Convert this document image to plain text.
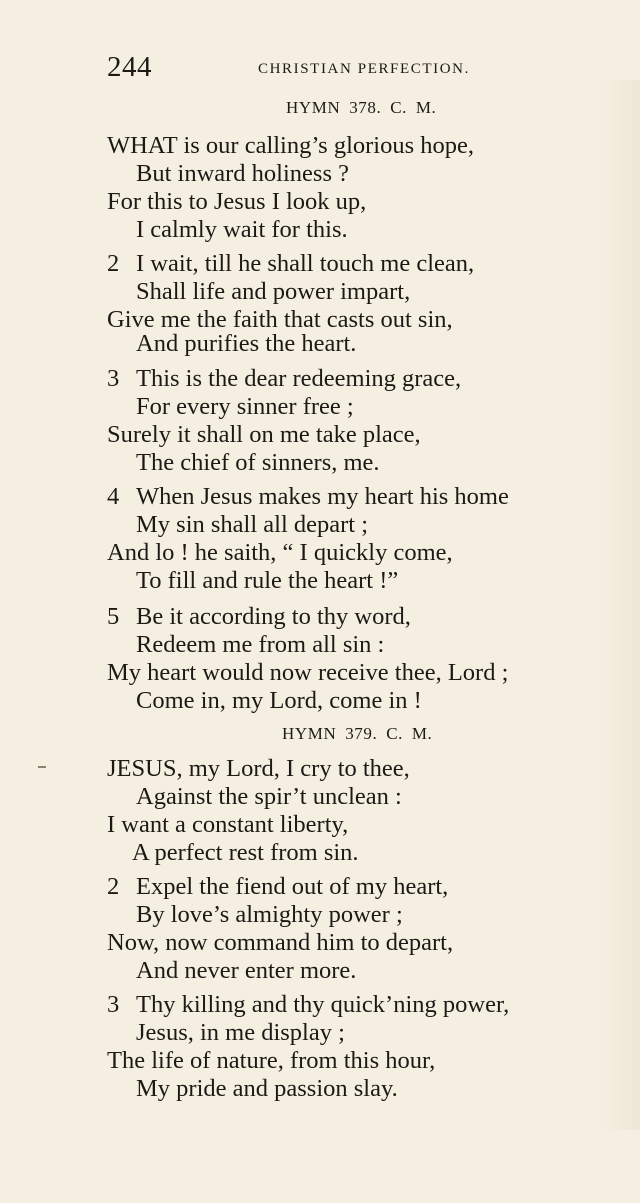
244	CHRISTIAN PERFECTION.
HYMN 378. C. M.
WHAT is our calling’s glorious hope,
But inward holiness ?
For this to Jesus I look up,
I calmly wait for this.
2 I wait, till he shall touch me clean,
Shall life and power impart,
Give me the faith that casts out sin,
And purifies the heart.
3 This is the dear redeeming grace,
For every sinner free ;
Surely it shall on me take place,
The chief of sinners, me.
4 When Jesus makes my heart his home
My sin shall all depart ;
And lo ! he saith, “ I quickly come,
To fill and rule the heart !”
5 Be it according to thy word,
Redeem me from all sin :
My heart would now receive thee, Lord ;
Come in, my Lord, come in !
HYMN 379. C. M.
JESUS, my Lord, I cry to thee,
Against the spir’t unclean :
I want a constant liberty,
A perfect rest from sin.
2 Expel the fiend out of my heart,
By love’s almighty power ;
Now, now command him to depart,
And never enter more.
3 Thy killing and thy quick’ning power,
Jesus, in me display ;
The life of nature, from this hour,
My pride and passion slay.
